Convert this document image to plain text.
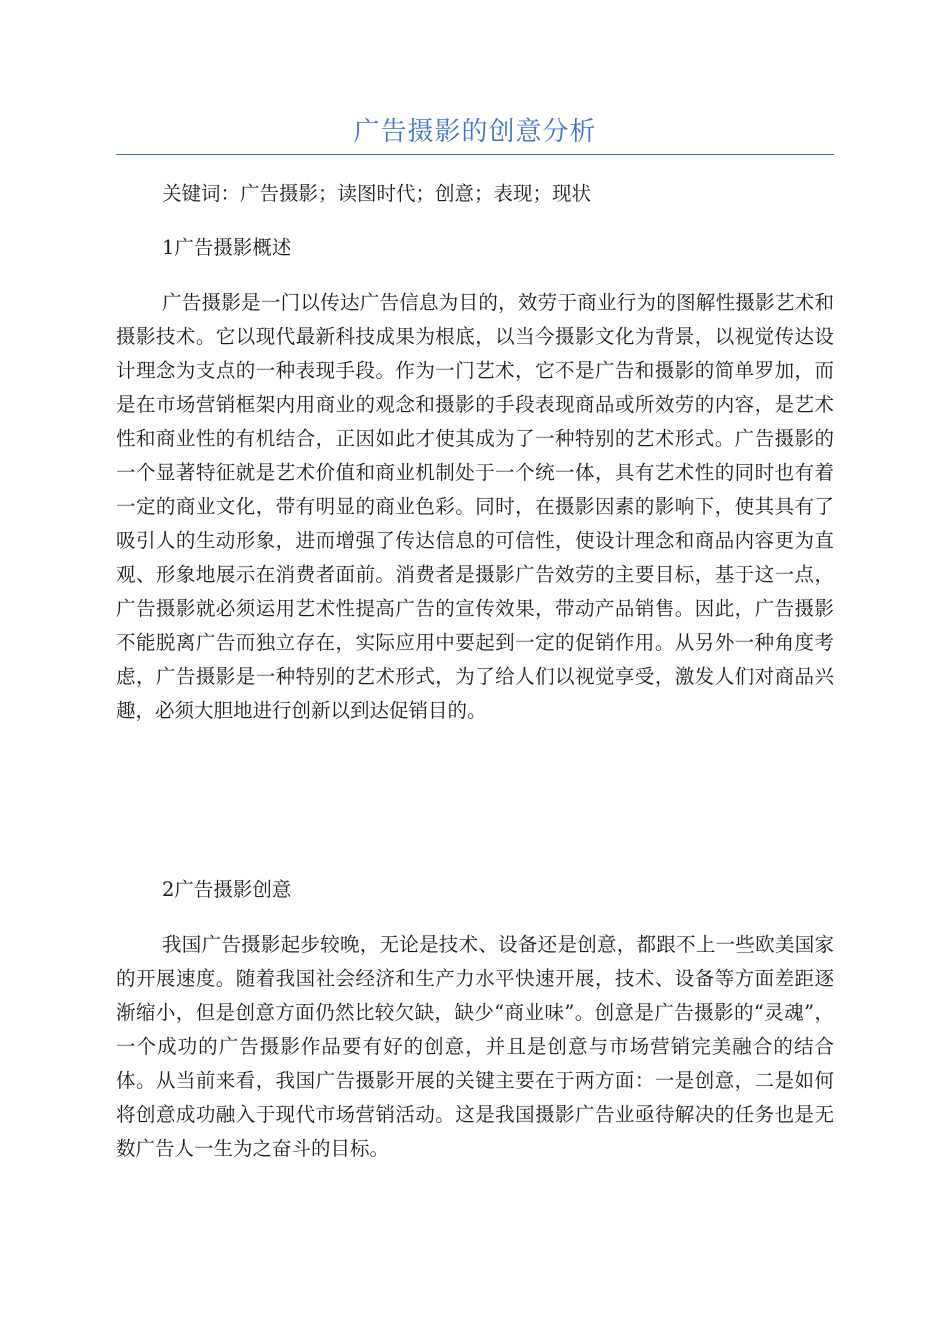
广告摄影的创意分析

关键词：广告摄影；读图时代；创意；表现；现状

1广告摄影概述

广告摄影是一门以传达广告信息为目的，效劳于商业行为的图解性摄影艺术和摄影技术。它以现代最新科技成果为根底，以当今摄影文化为背景，以视觉传达设计理念为支点的一种表现手段。作为一门艺术，它不是广告和摄影的简单罗加，而是在市场营销框架内用商业的观念和摄影的手段表现商品或所效劳的内容，是艺术性和商业性的有机结合，正因如此才使其成为了一种特别的艺术形式。广告摄影的一个显著特征就是艺术价值和商业机制处于一个统一体，具有艺术性的同时也有着一定的商业文化，带有明显的商业色彩。同时，在摄影因素的影响下，使其具有了吸引人的生动形象，进而增强了传达信息的可信性，使设计理念和商品内容更为直观、形象地展示在消费者面前。消费者是摄影广告效劳的主要目标，基于这一点，广告摄影就必须运用艺术性提高广告的宣传效果，带动产品销售。因此，广告摄影不能脱离广告而独立存在，实际应用中要起到一定的促销作用。从另外一种角度考虑，广告摄影是一种特别的艺术形式，为了给人们以视觉享受，激发人们对商品兴趣，必须大胆地进行创新以到达促销目的。

2广告摄影创意

我国广告摄影起步较晚，无论是技术、设备还是创意，都跟不上一些欧美国家的开展速度。随着我国社会经济和生产力水平快速开展，技术、设备等方面差距逐渐缩小，但是创意方面仍然比较欠缺，缺少“商业味”。创意是广告摄影的“灵魂”，一个成功的广告摄影作品要有好的创意，并且是创意与市场营销完美融合的结合体。从当前来看，我国广告摄影开展的关键主要在于两方面：一是创意，二是如何将创意成功融入于现代市场营销活动。这是我国摄影广告业亟待解决的任务也是无数广告人一生为之奋斗的目标。
